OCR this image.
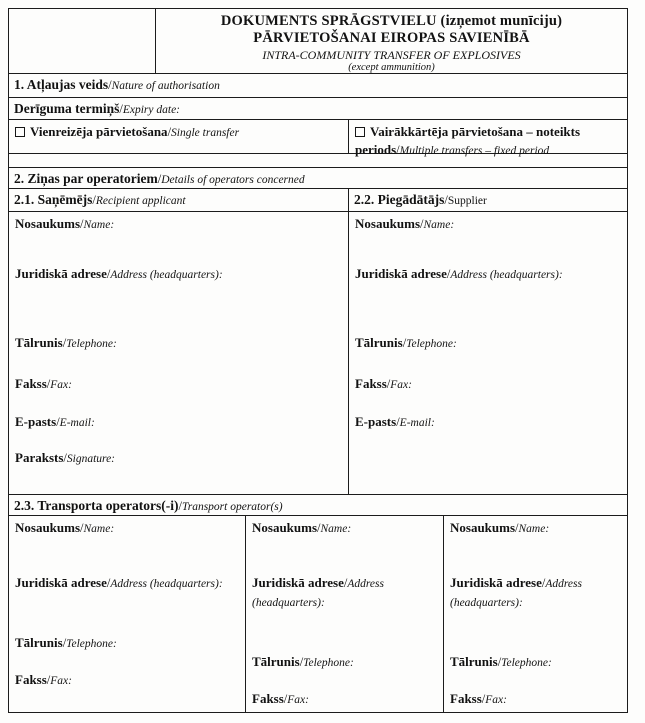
DOKUMENTS SPRĀGSTVIELU (izņemot munīciju)
PĀRVIETOŠANAI EIROPAS SAVIENĪBĀ
INTRA-COMMUNITY TRANSFER OF EXPLOSIVES
(except ammunition)
1. Atļaujas veids/Nature of authorisation
Derīguma termiņš/Expiry date:
Vienreizēja pārvietošana/Single transfer	Vairākkārtēja pārvietošana – noteikts periods/Multiple transfers – fixed period
2. Ziņas par operatoriem/Details of operators concerned
2.1. Saņēmējs/Recipient applicant	2.2. Piegādātājs/Supplier
Nosaukums/Name:
Juridiskā adrese/Address (headquarters):
Tālrunis/Telephone:
Fakss/Fax:
E-pasts/E-mail:
Paraksts/Signature:
Nosaukums/Name:
Juridiskā adrese/Address (headquarters):
Tālrunis/Telephone:
Fakss/Fax:
E-pasts/E-mail:
2.3. Transporta operators(-i)/Transport operator(s)
Nosaukums/Name:
Juridiskā adrese/Address (headquarters):
Tālrunis/Telephone:
Fakss/Fax:
Nosaukums/Name:
Juridiskā adrese/Address (headquarters):
Tālrunis/Telephone:
Fakss/Fax:
Nosaukums/Name:
Juridiskā adrese/Address (headquarters):
Tālrunis/Telephone:
Fakss/Fax:
